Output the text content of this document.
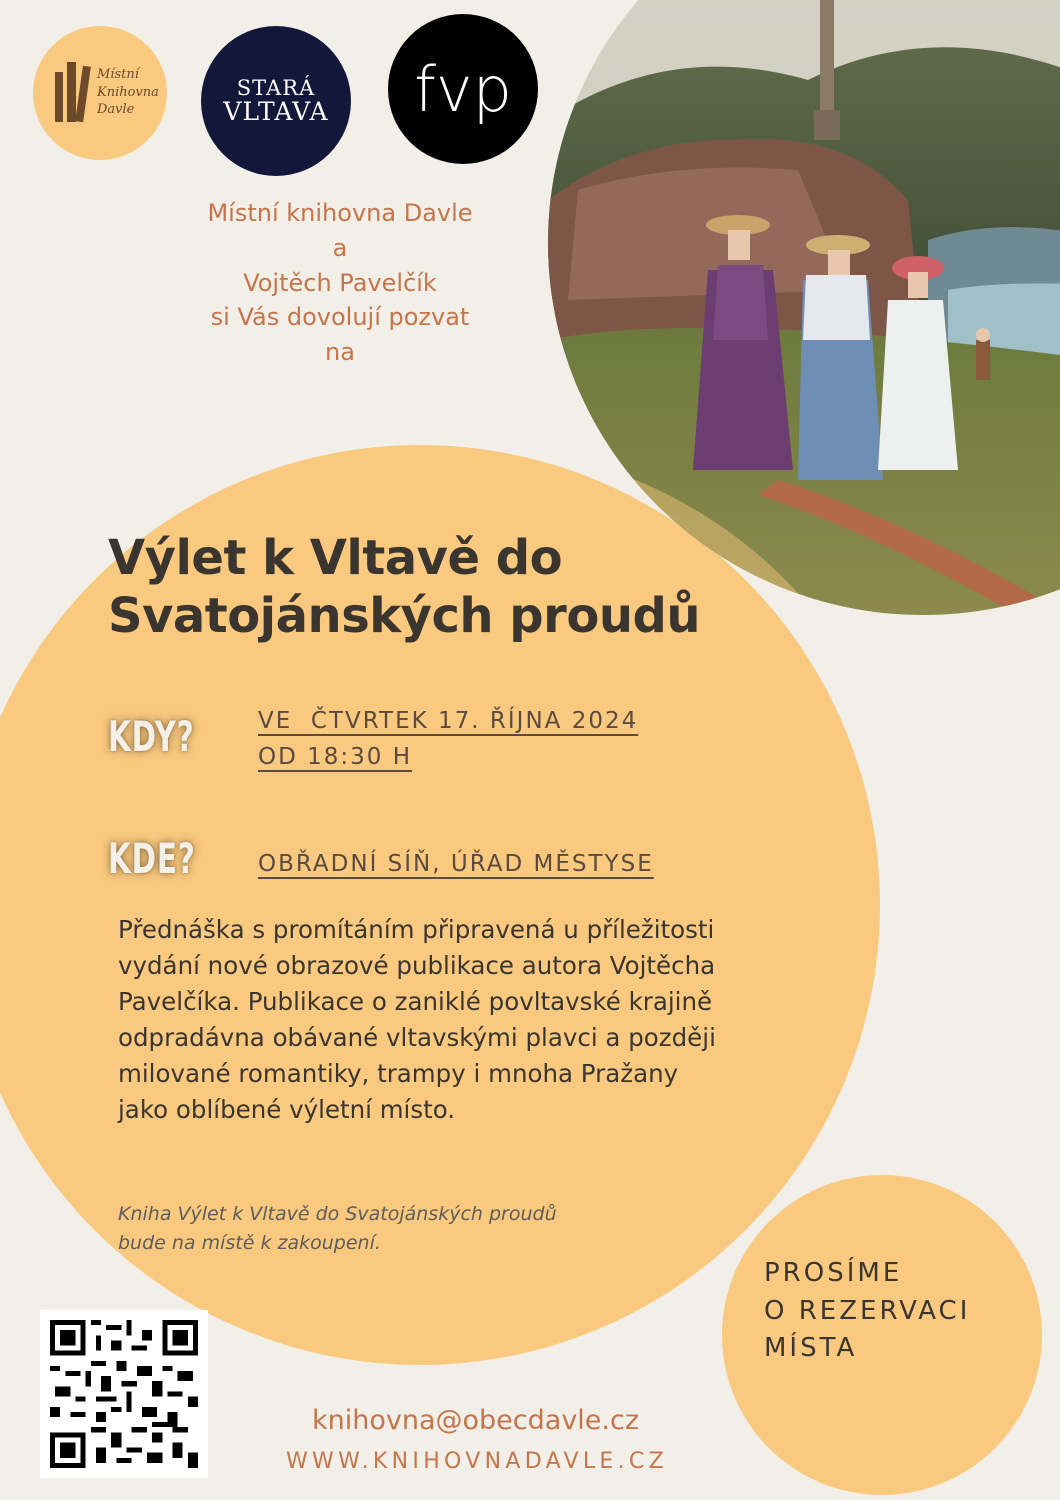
Místní
Knihovna
Davle
STARÁ
VLTAVA fvp
Místní knihovna Davle
a
Vojtěch Pavelčík
si Vás dovolují pozvat
na
Výlet k Vltavě do
Svatojánských proudů
KDY?	VE  ČTVRTEK 17. ŘÍJNA 2024
OD 18:30 H
KDE?	OBŘADNÍ SÍŇ, ÚŘAD MĚSTYSE
Přednáška s promítáním připravená u příležitosti
vydání nové obrazové publikace autora Vojtěcha
Pavelčíka. Publikace o zaniklé povltavské krajině
odpradávna obávané vltavskými plavci a později
milované romantiky, trampy i mnoha Pražany
jako oblíbené výletní místo.
Kniha Výlet k Vltavě do Svatojánských proudů
bude na místě k zakoupení.
PROSÍME
O REZERVACI
MÍSTA
knihovna@obecdavle.cz
WWW.KNIHOVNADAVLE.CZ
